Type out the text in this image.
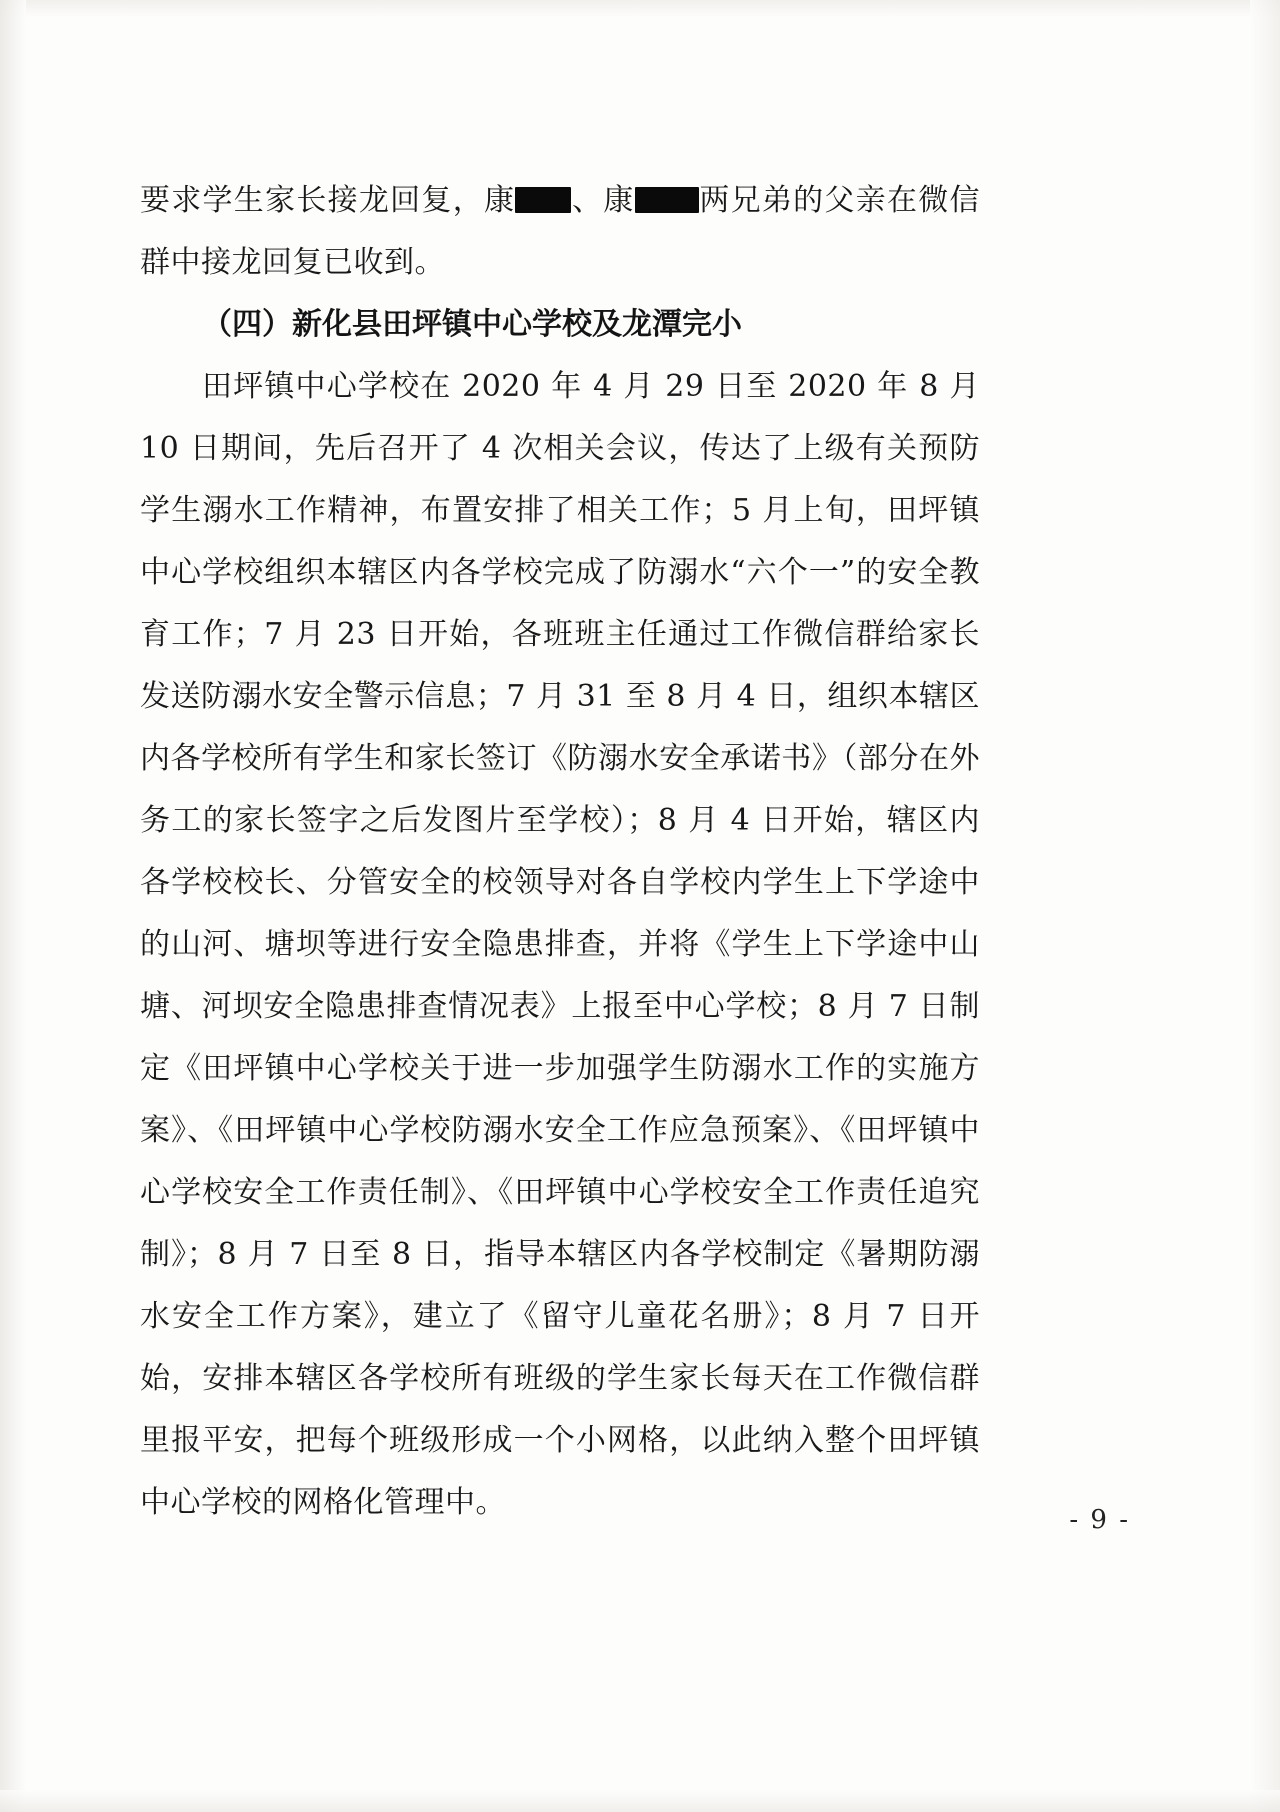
要求学生家长接龙回复，康 、康 两兄弟的父亲在微信群中接龙回复已收到。

（四）新化县田坪镇中心学校及龙潭完小

田坪镇中心学校在 2020 年 4 月 29 日至 2020 年 8 月 10 日期间，先后召开了 4 次相关会议，传达了上级有关预防学生溺水工作精神，布置安排了相关工作；5 月上旬，田坪镇中心学校组织本辖区内各学校完成了防溺水“六个一”的安全教育工作；7 月 23 日开始，各班班主任通过工作微信群给家长发送防溺水安全警示信息；7 月 31 至 8 月 4 日，组织本辖区内各学校所有学生和家长签订《防溺水安全承诺书》（部分在外务工的家长签字之后发图片至学校）；8 月 4 日开始，辖区内各学校校长、分管安全的校领导对各自学校内学生上下学途中的山河、塘坝等进行安全隐患排查，并将《学生上下学途中山塘、河坝安全隐患排查情况表》上报至中心学校；8 月 7 日制定《田坪镇中心学校关于进一步加强学生防溺水工作的实施方案》、《田坪镇中心学校防溺水安全工作应急预案》、《田坪镇中心学校安全工作责任制》、《田坪镇中心学校安全工作责任追究制》；8 月 7 日至 8 日，指导本辖区内各学校制定《暑期防溺水安全工作方案》，建立了《留守儿童花名册》；8 月 7 日开始，安排本辖区各学校所有班级的学生家长每天在工作微信群里报平安，把每个班级形成一个小网格，以此纳入整个田坪镇中心学校的网格化管理中。	- 9 -
